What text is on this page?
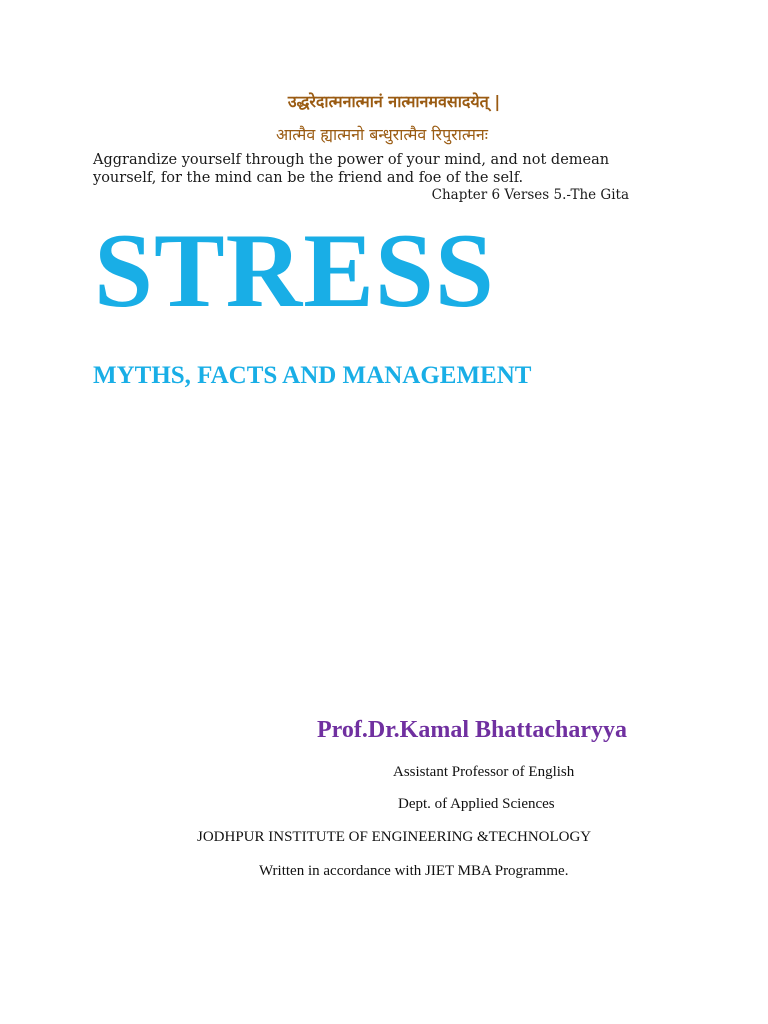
उद्धरेदात्मनात्मानं नात्मानमवसादयेत् |
आत्मैव ह्यात्मनो बन्धुरात्मैव रिपुरात्मनः
Aggrandize yourself through the power of your mind, and not demean yourself, for the mind can be the friend and foe of the self.
Chapter 6 Verses 5.-The Gita
STRESS
MYTHS, FACTS AND MANAGEMENT
Prof.Dr.Kamal Bhattacharyya
Assistant Professor of English
Dept. of Applied Sciences
JODHPUR INSTITUTE OF ENGINEERING &TECHNOLOGY
Written in accordance with JIET MBA Programme.
